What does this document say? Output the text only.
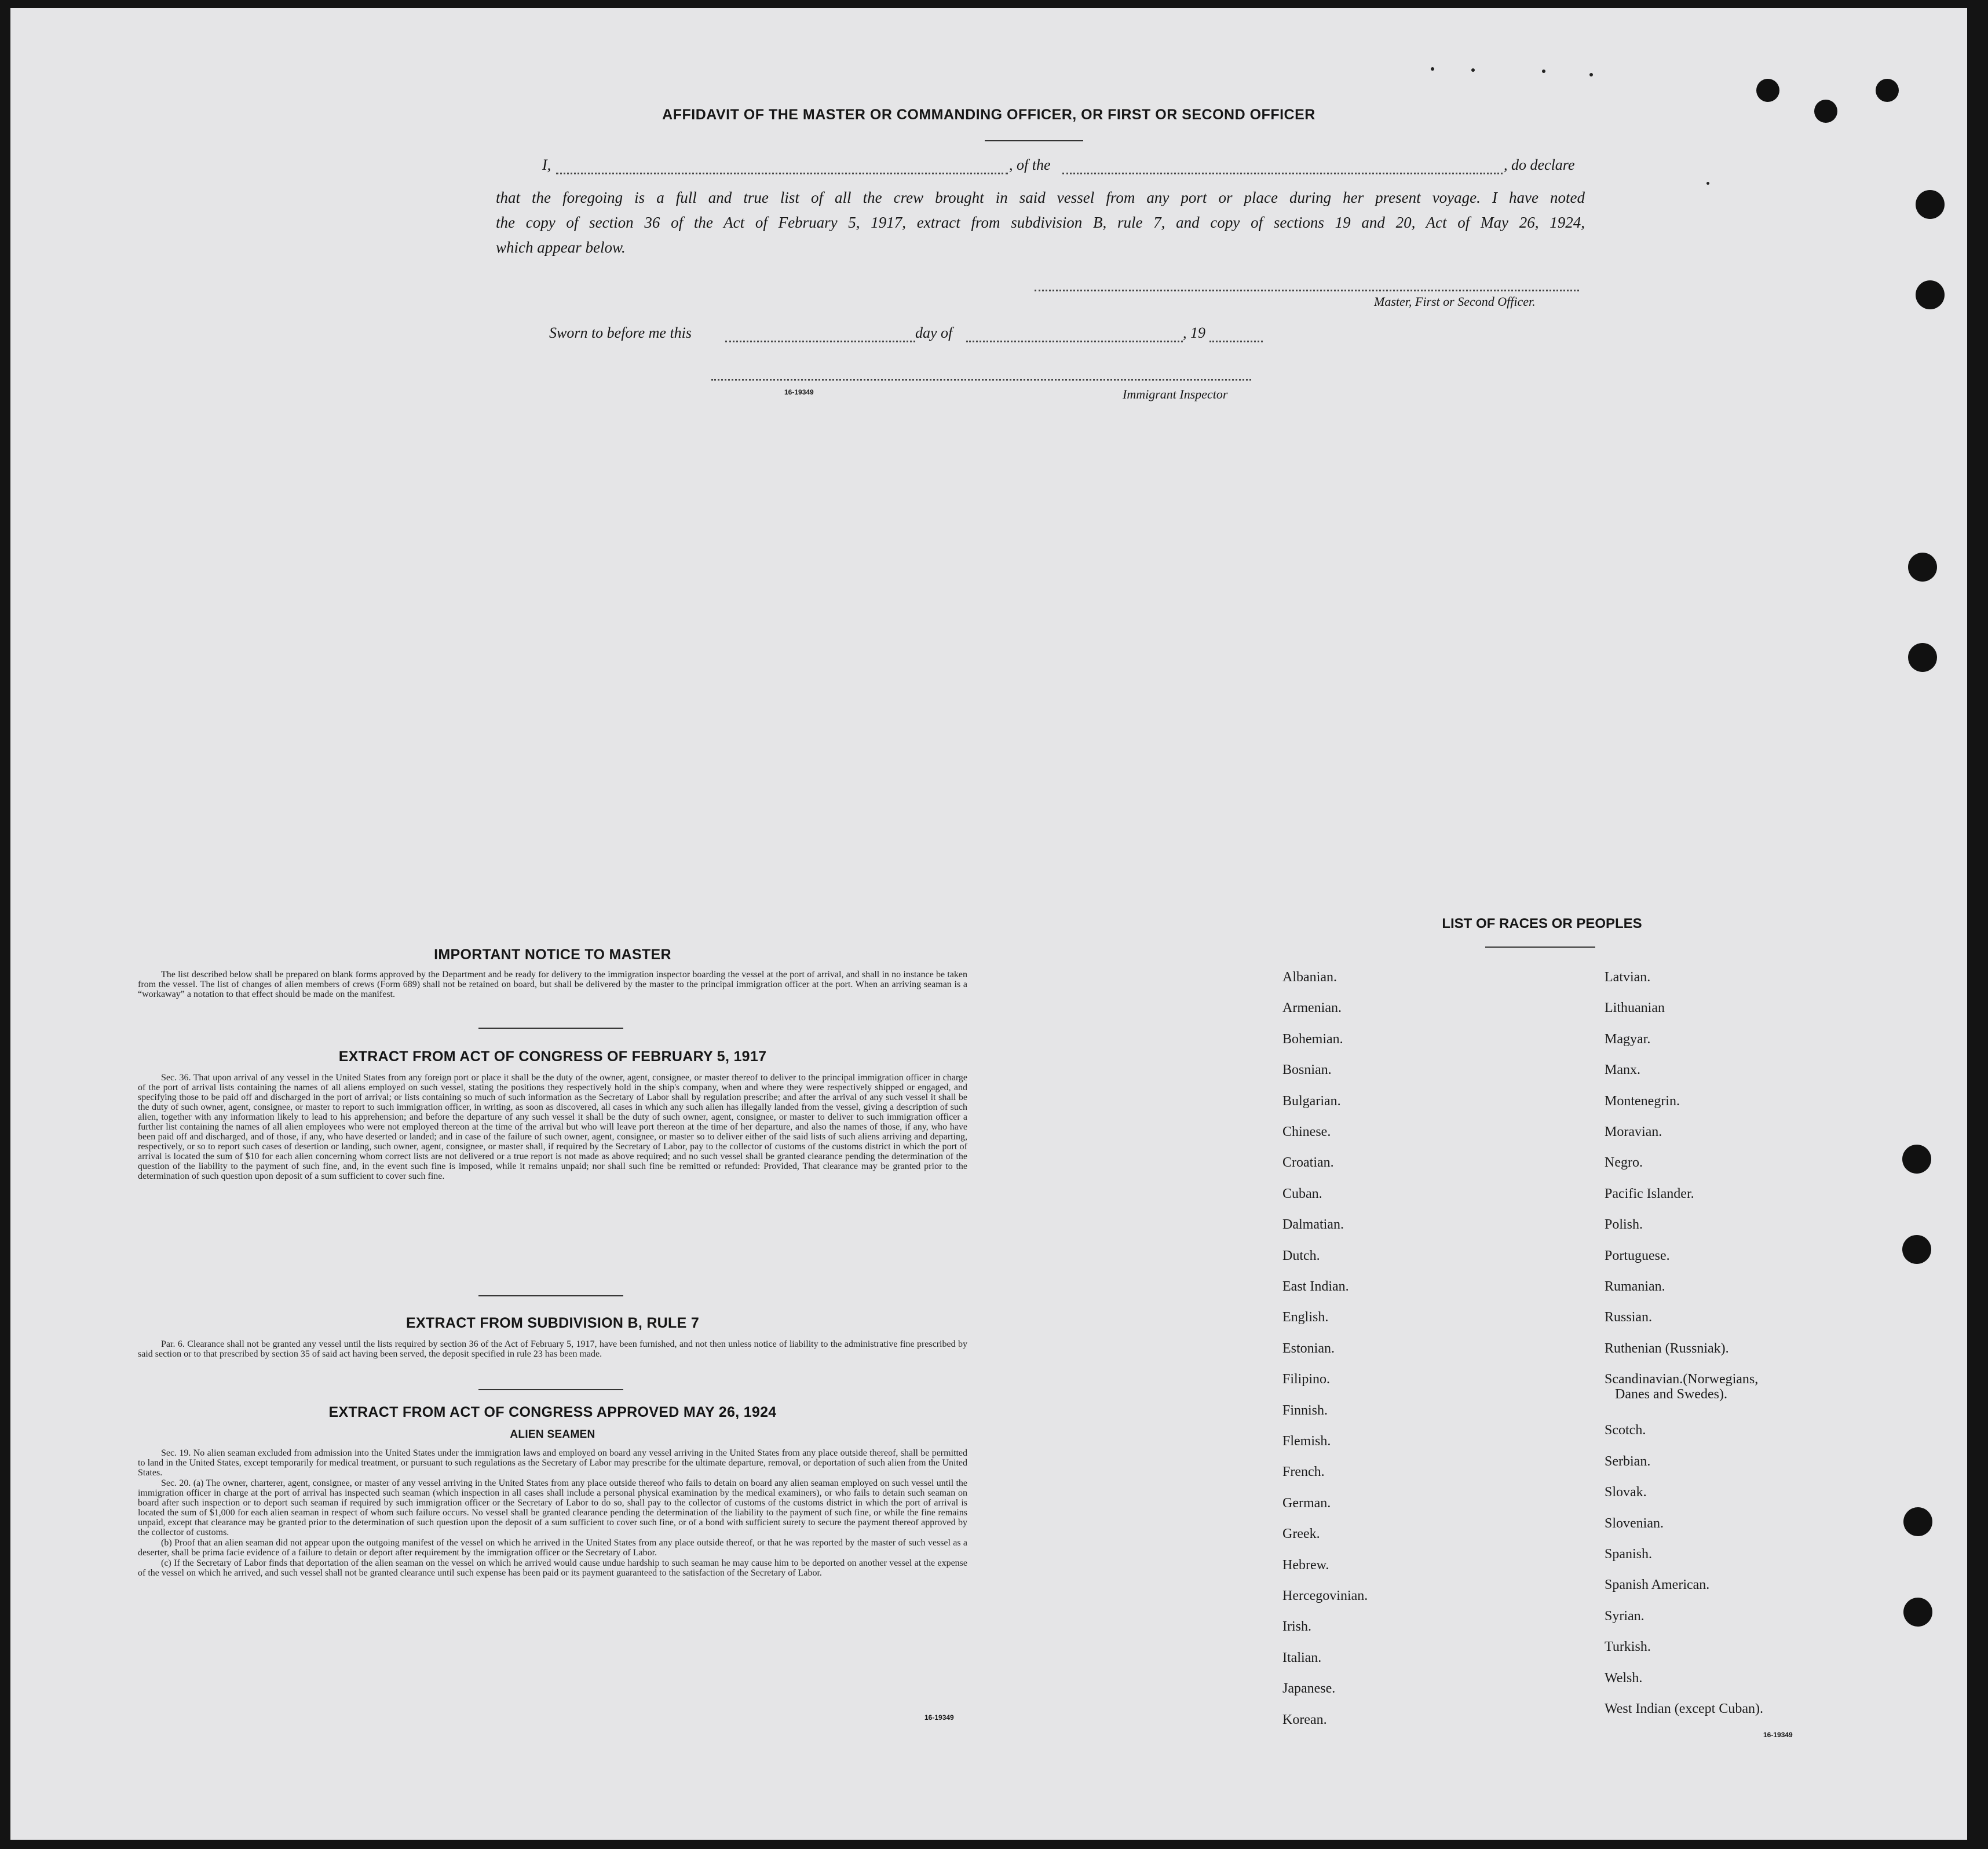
AFFIDAVIT OF THE MASTER OR COMMANDING OFFICER, OR FIRST OR SECOND OFFICER
I,	, of the	, do declare
that the foregoing is a full and true list of all the crew brought in said vessel from any port or place during her present voyage. I have noted
the copy of section 36 of the Act of February 5, 1917, extract from subdivision B, rule 7, and copy of sections 19 and 20, Act of May 26, 1924,
which appear below.
Master, First or Second Officer.
Sworn to before me this	day of	, 19
16-19349	Immigrant Inspector
IMPORTANT NOTICE TO MASTER

The list described below shall be prepared on blank forms approved by the Department and be ready for delivery to the immigration inspector boarding the vessel at the port of arrival, and shall in no instance be taken from the vessel. The list of changes of alien members of crews (Form 689) shall not be retained on board, but shall be delivered by the master to the principal immigration officer at the port. When an arriving seaman is a “workaway” a notation to that effect should be made on the manifest.

EXTRACT FROM ACT OF CONGRESS OF FEBRUARY 5, 1917

Sec. 36. That upon arrival of any vessel in the United States from any foreign port or place it shall be the duty of the owner, agent, consignee, or master thereof to deliver to the principal immigration officer in charge of the port of arrival lists containing the names of all aliens employed on such vessel, stating the positions they respectively hold in the ship's company, when and where they were respectively shipped or engaged, and specifying those to be paid off and discharged in the port of arrival; or lists containing so much of such information as the Secretary of Labor shall by regulation prescribe; and after the arrival of any such vessel it shall be the duty of such owner, agent, consignee, or master to report to such immigration officer, in writing, as soon as discovered, all cases in which any such alien has illegally landed from the vessel, giving a description of such alien, together with any information likely to lead to his apprehension; and before the departure of any such vessel it shall be the duty of such owner, agent, consignee, or master to deliver to such immigration officer a further list containing the names of all alien employees who were not employed thereon at the time of the arrival but who will leave port thereon at the time of her departure, and also the names of those, if any, who have been paid off and discharged, and of those, if any, who have deserted or landed; and in case of the failure of such owner, agent, consignee, or master so to deliver either of the said lists of such aliens arriving and departing, respectively, or so to report such cases of desertion or landing, such owner, agent, consignee, or master shall, if required by the Secretary of Labor, pay to the collector of customs of the customs district in which the port of arrival is located the sum of $10 for each alien concerning whom correct lists are not delivered or a true report is not made as above required; and no such vessel shall be granted clearance pending the determination of the question of the liability to the payment of such fine, and, in the event such fine is imposed, while it remains unpaid; nor shall such fine be remitted or refunded: Provided, That clearance may be granted prior to the determination of such question upon deposit of a sum sufficient to cover such fine.

EXTRACT FROM SUBDIVISION B, RULE 7

Par. 6. Clearance shall not be granted any vessel until the lists required by section 36 of the Act of February 5, 1917, have been furnished, and not then unless notice of liability to the administrative fine prescribed by said section or to that prescribed by section 35 of said act having been served, the deposit specified in rule 23 has been made.

EXTRACT FROM ACT OF CONGRESS APPROVED MAY 26, 1924
ALIEN SEAMEN

Sec. 19. No alien seaman excluded from admission into the United States under the immigration laws and employed on board any vessel arriving in the United States from any place outside thereof, shall be permitted to land in the United States, except temporarily for medical treatment, or pursuant to such regulations as the Secretary of Labor may prescribe for the ultimate departure, removal, or deportation of such alien from the United States.

Sec. 20. (a) The owner, charterer, agent, consignee, or master of any vessel arriving in the United States from any place outside thereof who fails to detain on board any alien seaman employed on such vessel until the immigration officer in charge at the port of arrival has inspected such seaman (which inspection in all cases shall include a personal physical examination by the medical examiners), or who fails to detain such seaman on board after such inspection or to deport such seaman if required by such immigration officer or the Secretary of Labor to do so, shall pay to the collector of customs of the customs district in which the port of arrival is located the sum of $1,000 for each alien seaman in respect of whom such failure occurs. No vessel shall be granted clearance pending the determination of the liability to the payment of such fine, or while the fine remains unpaid, except that clearance may be granted prior to the determination of such question upon the deposit of a sum sufficient to cover such fine, or of a bond with sufficient surety to secure the payment thereof approved by the collector of customs.

(b) Proof that an alien seaman did not appear upon the outgoing manifest of the vessel on which he arrived in the United States from any place outside thereof, or that he was reported by the master of such vessel as a deserter, shall be prima facie evidence of a failure to detain or deport after requirement by the immigration officer or the Secretary of Labor.

(c) If the Secretary of Labor finds that deportation of the alien seaman on the vessel on which he arrived would cause undue hardship to such seaman he may cause him to be deported on another vessel at the expense of the vessel on which he arrived, and such vessel shall not be granted clearance until such expense has been paid or its payment guaranteed to the satisfaction of the Secretary of Labor.

16-19349
LIST OF RACES OR PEOPLES
Albanian.
Armenian.
Bohemian.
Bosnian.
Bulgarian.
Chinese.
Croatian.
Cuban.
Dalmatian.
Dutch.
East Indian.
English.
Estonian.
Filipino.
Finnish.
Flemish.
French.
German.
Greek.
Hebrew.
Hercegovinian.
Irish.
Italian.
Japanese.
Korean.
Latvian.
Lithuanian
Magyar.
Manx.
Montenegrin.
Moravian.
Negro.
Pacific Islander.
Polish.
Portuguese.
Rumanian.
Russian.
Ruthenian (Russniak).
Scandinavian.(Norwegians,
Danes and Swedes).
Scotch.
Serbian.
Slovak.
Slovenian.
Spanish.
Spanish American.
Syrian.
Turkish.
Welsh.
West Indian (except Cuban).
16-19349
